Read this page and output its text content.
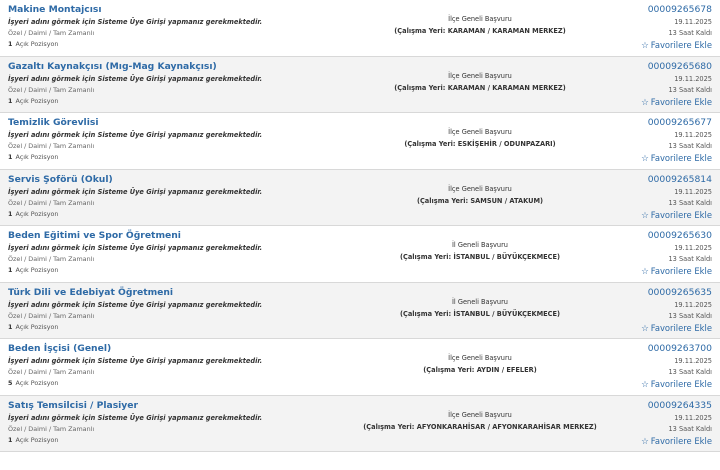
Makine Montajcısı
İşyeri adını görmek için Sisteme Üye Girişi yapmanız gerekmektedir.
Özel / Daimi / Tam Zamanlı
1 Açık Pozisyon
İlçe Geneli Başvuru
(Çalışma Yeri: KARAMAN / KARAMAN MERKEZ)
00009265678
19.11.2025
13 Saat Kaldı
☆ Favorilere Ekle
Gazaltı Kaynakçısı (Mıg-Mag Kaynakçısı)
İşyeri adını görmek için Sisteme Üye Girişi yapmanız gerekmektedir.
Özel / Daimi / Tam Zamanlı
1 Açık Pozisyon
İlçe Geneli Başvuru
(Çalışma Yeri: KARAMAN / KARAMAN MERKEZ)
00009265680
19.11.2025
13 Saat Kaldı
☆ Favorilere Ekle
Temizlik Görevlisi
İşyeri adını görmek için Sisteme Üye Girişi yapmanız gerekmektedir.
Özel / Daimi / Tam Zamanlı
1 Açık Pozisyon
İlçe Geneli Başvuru
(Çalışma Yeri: ESKİŞEHİR / ODUNPAZARI)
00009265677
19.11.2025
13 Saat Kaldı
☆ Favorilere Ekle
Servis Şoförü (Okul)
İşyeri adını görmek için Sisteme Üye Girişi yapmanız gerekmektedir.
Özel / Daimi / Tam Zamanlı
1 Açık Pozisyon
İlçe Geneli Başvuru
(Çalışma Yeri: SAMSUN / ATAKUM)
00009265814
19.11.2025
13 Saat Kaldı
☆ Favorilere Ekle
Beden Eğitimi ve Spor Öğretmeni
İşyeri adını görmek için Sisteme Üye Girişi yapmanız gerekmektedir.
Özel / Daimi / Tam Zamanlı
1 Açık Pozisyon
İl Geneli Başvuru
(Çalışma Yeri: İSTANBUL / BÜYÜKÇEKMECE)
00009265630
19.11.2025
13 Saat Kaldı
☆ Favorilere Ekle
Türk Dili ve Edebiyat Öğretmeni
İşyeri adını görmek için Sisteme Üye Girişi yapmanız gerekmektedir.
Özel / Daimi / Tam Zamanlı
1 Açık Pozisyon
İl Geneli Başvuru
(Çalışma Yeri: İSTANBUL / BÜYÜKÇEKMECE)
00009265635
19.11.2025
13 Saat Kaldı
☆ Favorilere Ekle
Beden İşçisi (Genel)
İşyeri adını görmek için Sisteme Üye Girişi yapmanız gerekmektedir.
Özel / Daimi / Tam Zamanlı
5 Açık Pozisyon
İlçe Geneli Başvuru
(Çalışma Yeri: AYDIN / EFELER)
00009263700
19.11.2025
13 Saat Kaldı
☆ Favorilere Ekle
Satış Temsilcisi / Plasiyer
İşyeri adını görmek için Sisteme Üye Girişi yapmanız gerekmektedir.
Özel / Daimi / Tam Zamanlı
1 Açık Pozisyon
İlçe Geneli Başvuru
(Çalışma Yeri: AFYONKARAHİSAR / AFYONKARAHİSAR MERKEZ)
00009264335
19.11.2025
13 Saat Kaldı
☆ Favorilere Ekle
